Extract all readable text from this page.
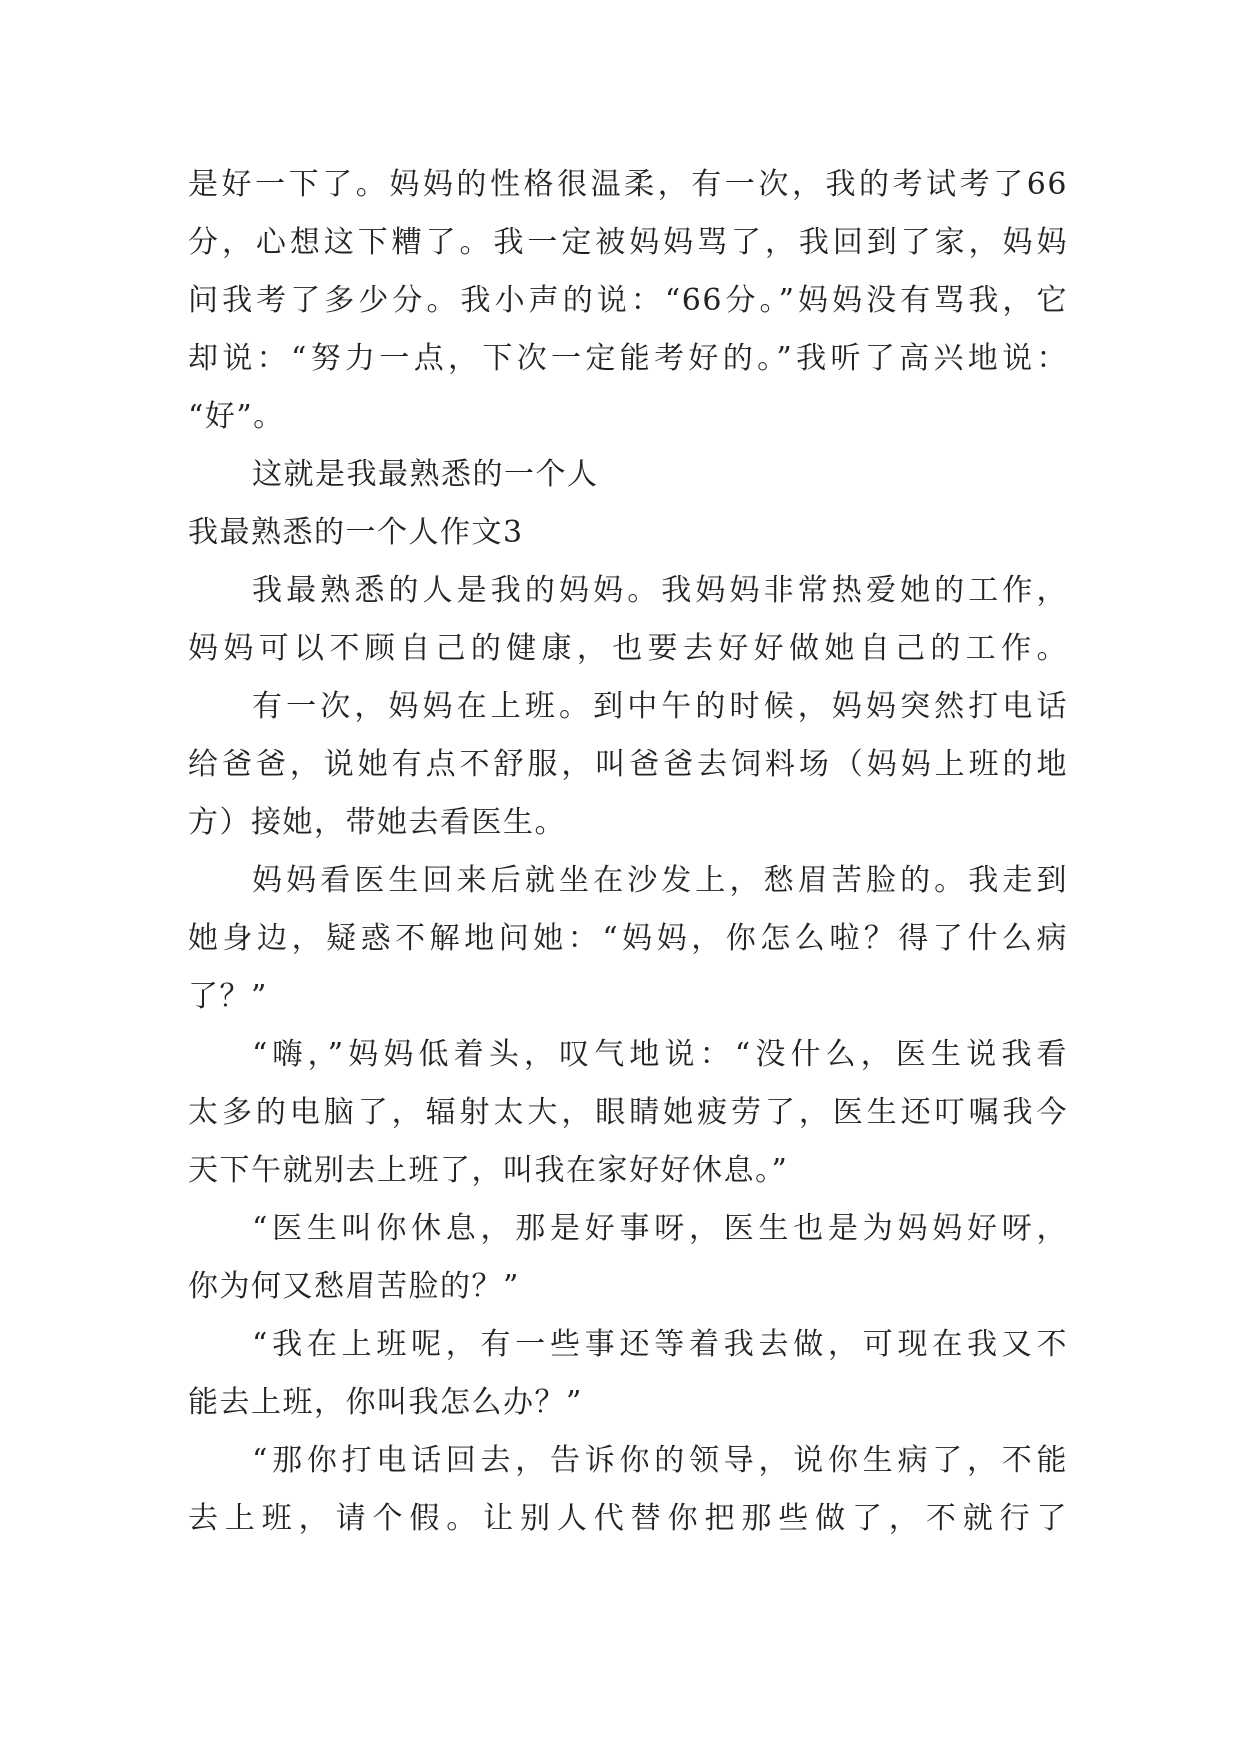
是好一下了。妈妈的性格很温柔，有一次，我的考试考了66
分，心想这下糟了。我一定被妈妈骂了，我回到了家，妈妈
问我考了多少分。我小声的说：“66分。”妈妈没有骂我，它
却说：“努力一点，下次一定能考好的。”我听了高兴地说：
“好”。
这就是我最熟悉的一个人
我最熟悉的一个人作文3
我最熟悉的人是我的妈妈。我妈妈非常热爱她的工作，
妈妈可以不顾自己的健康，也要去好好做她自己的工作。
有一次，妈妈在上班。到中午的时候，妈妈突然打电话
给爸爸，说她有点不舒服，叫爸爸去饲料场（妈妈上班的地
方）接她，带她去看医生。
妈妈看医生回来后就坐在沙发上，愁眉苦脸的。我走到
她身边，疑惑不解地问她：“妈妈，你怎么啦？得了什么病
了？”
“嗨，”妈妈低着头，叹气地说：“没什么，医生说我看
太多的电脑了，辐射太大，眼睛她疲劳了，医生还叮嘱我今
天下午就别去上班了，叫我在家好好休息。”
“医生叫你休息，那是好事呀，医生也是为妈妈好呀，
你为何又愁眉苦脸的？”
“我在上班呢，有一些事还等着我去做，可现在我又不
能去上班，你叫我怎么办？”
“那你打电话回去，告诉你的领导，说你生病了，不能
去上班，请个假。让别人代替你把那些做了，不就行了
